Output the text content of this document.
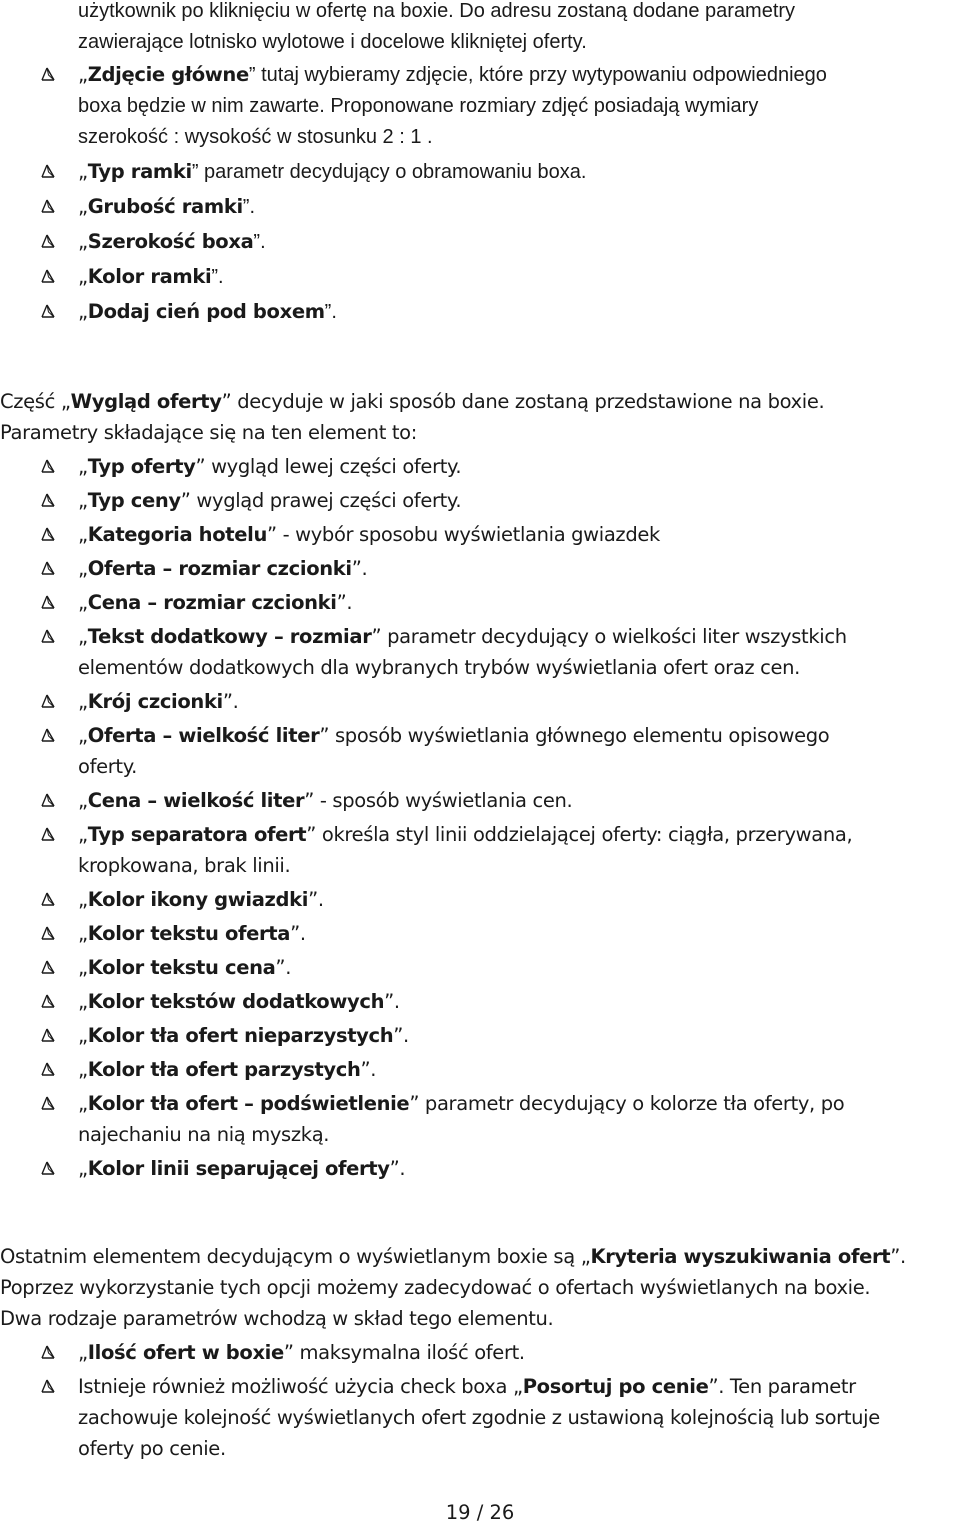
użytkownik po kliknięciu w ofertę na boxie. Do adresu zostaną dodane parametry

zawierające lotnisko wylotowe i docelowe klikniętej oferty.

„Zdjęcie główne” tutaj wybieramy zdjęcie, które przy wytypowaniu odpowiedniego
boxa będzie w nim zawarte. Proponowane rozmiary zdjęć posiadają wymiary
szerokość : wysokość w stosunku 2 : 1 .
„Typ ramki” parametr decydujący o obramowaniu boxa.
„Grubość ramki”.
„Szerokość boxa”.
„Kolor ramki”.
„Dodaj cień pod boxem”.

Część „Wygląd oferty” decyduje w jaki sposób dane zostaną przedstawione na boxie.

Parametry składające się na ten element to:

„Typ oferty” wygląd lewej części oferty.
„Typ ceny” wygląd prawej części oferty.
„Kategoria hotelu” - wybór sposobu wyświetlania gwiazdek
„Oferta – rozmiar czcionki”.
„Cena – rozmiar czcionki”.
„Tekst dodatkowy – rozmiar” parametr decydujący o wielkości liter wszystkich
elementów dodatkowych dla wybranych trybów wyświetlania ofert oraz cen.
„Krój czcionki”.
„Oferta – wielkość liter” sposób wyświetlania głównego elementu opisowego
oferty.
„Cena – wielkość liter” - sposób wyświetlania cen.
„Typ separatora ofert” określa styl linii oddzielającej oferty: ciągła, przerywana,
kropkowana, brak linii.
„Kolor ikony gwiazdki”.
„Kolor tekstu oferta”.
„Kolor tekstu cena”.
„Kolor tekstów dodatkowych”.
„Kolor tła ofert nieparzystych”.
„Kolor tła ofert parzystych”.
„Kolor tła ofert – podświetlenie” parametr decydujący o kolorze tła oferty, po
najechaniu na nią myszką.
„Kolor linii separującej oferty”.

Ostatnim elementem decydującym o wyświetlanym boxie są „Kryteria wyszukiwania ofert”.

Poprzez wykorzystanie tych opcji możemy zadecydować o ofertach wyświetlanych na boxie.

Dwa rodzaje parametrów wchodzą w skład tego elementu.

„Ilość ofert w boxie” maksymalna ilość ofert.
Istnieje również możliwość użycia check boxa „Posortuj po cenie”. Ten parametr
zachowuje kolejność wyświetlanych ofert zgodnie z ustawioną kolejnością lub sortuje
oferty po cenie.
19 / 26
